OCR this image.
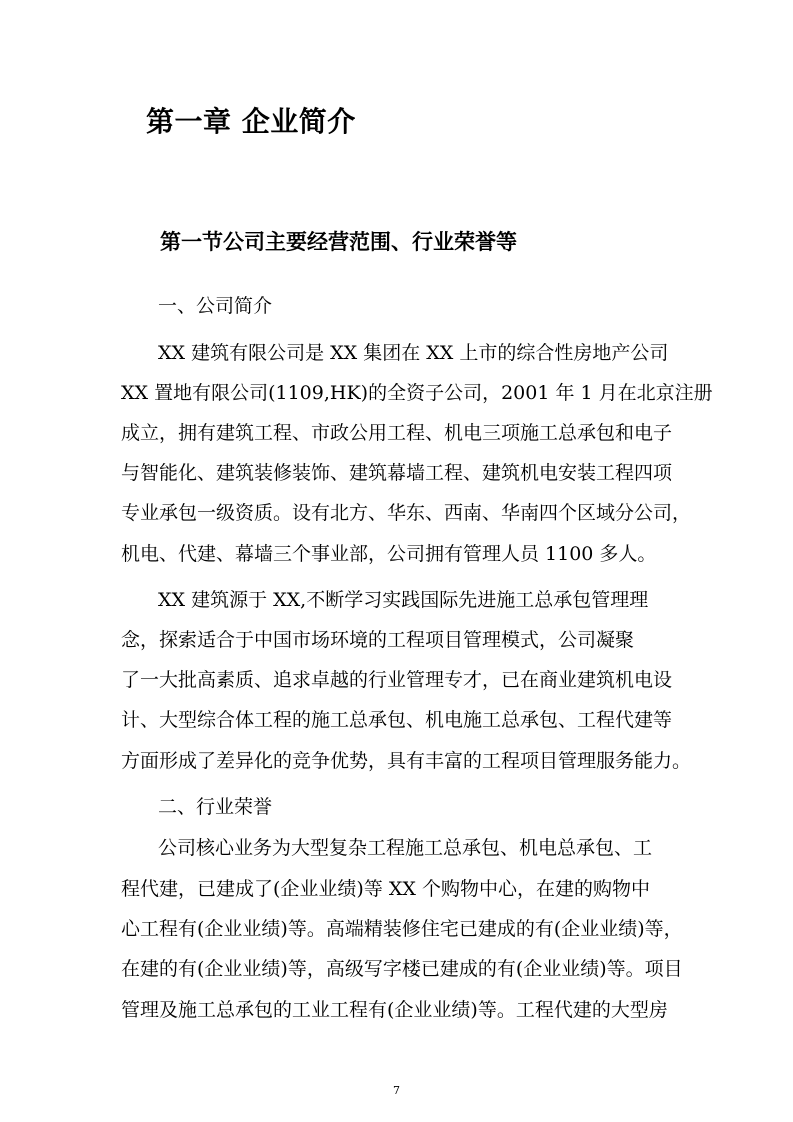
第一章 企业简介
第一节公司主要经营范围、行业荣誉等

一、公司简介

XX 建筑有限公司是 XX 集团在 XX 上市的综合性房地产公司

XX 置地有限公司(1109,HK)的全资子公司，2001 年 1 月在北京注册

成立，拥有建筑工程、市政公用工程、机电三项施工总承包和电子

与智能化、建筑装修装饰、建筑幕墙工程、建筑机电安装工程四项

专业承包一级资质。设有北方、华东、西南、华南四个区域分公司，

机电、代建、幕墙三个事业部，公司拥有管理人员 1100 多人。

XX 建筑源于 XX,不断学习实践国际先进施工总承包管理理

念，探索适合于中国市场环境的工程项目管理模式，公司凝聚

了一大批高素质、追求卓越的行业管理专才，已在商业建筑机电设

计、大型综合体工程的施工总承包、机电施工总承包、工程代建等

方面形成了差异化的竞争优势，具有丰富的工程项目管理服务能力。

二、行业荣誉

公司核心业务为大型复杂工程施工总承包、机电总承包、工

程代建，已建成了(企业业绩)等 XX 个购物中心，在建的购物中

心工程有(企业业绩)等。高端精装修住宅已建成的有(企业业绩)等，

在建的有(企业业绩)等，高级写字楼已建成的有(企业业绩)等。项目

管理及施工总承包的工业工程有(企业业绩)等。工程代建的大型房

7
